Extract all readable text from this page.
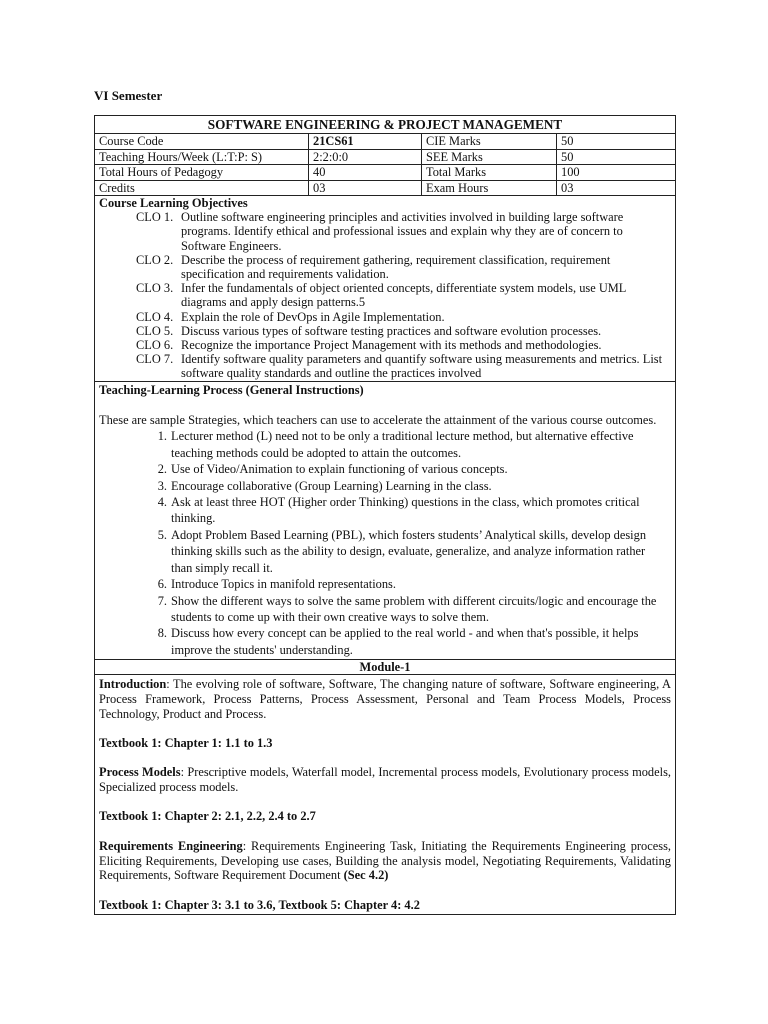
VI Semester
SOFTWARE ENGINEERING & PROJECT MANAGEMENT
Course Code	21CS61	CIE Marks	50
Teaching Hours/Week (L:T:P: S)	2:2:0:0	SEE Marks	50
Total Hours of Pedagogy	40	Total Marks	100
Credits	03	Exam Hours	03
Course Learning Objectives
CLO 1. Outline software engineering principles and activities involved in building large software programs. Identify ethical and professional issues and explain why they are of concern to Software Engineers.
CLO 2. Describe the process of requirement gathering, requirement classification, requirement specification and requirements validation.
CLO 3. Infer the fundamentals of object oriented concepts, differentiate system models, use UML diagrams and apply design patterns.5
CLO 4. Explain the role of DevOps in Agile Implementation.
CLO 5. Discuss various types of software testing practices and software evolution processes.
CLO 6. Recognize the importance Project Management with its methods and methodologies.
CLO 7. Identify software quality parameters and quantify software using measurements and metrics. List software quality standards and outline the practices involved
Teaching-Learning Process (General Instructions)
These are sample Strategies, which teachers can use to accelerate the attainment of the various course outcomes.
1. Lecturer method (L) need not to be only a traditional lecture method, but alternative effective teaching methods could be adopted to attain the outcomes.
2. Use of Video/Animation to explain functioning of various concepts.
3. Encourage collaborative (Group Learning) Learning in the class.
4. Ask at least three HOT (Higher order Thinking) questions in the class, which promotes critical thinking.
5. Adopt Problem Based Learning (PBL), which fosters students’ Analytical skills, develop design thinking skills such as the ability to design, evaluate, generalize, and analyze information rather than simply recall it.
6. Introduce Topics in manifold representations.
7. Show the different ways to solve the same problem with different circuits/logic and encourage the students to come up with their own creative ways to solve them.
8. Discuss how every concept can be applied to the real world - and when that's possible, it helps improve the students' understanding.
Module-1

Introduction: The evolving role of software, Software, The changing nature of software, Software engineering, A Process Framework, Process Patterns, Process Assessment, Personal and Team Process Models, Process Technology, Product and Process.

Textbook 1: Chapter 1: 1.1 to 1.3

Process Models: Prescriptive models, Waterfall model, Incremental process models, Evolutionary process models, Specialized process models.

Textbook 1: Chapter 2: 2.1, 2.2, 2.4 to 2.7

Requirements Engineering: Requirements Engineering Task, Initiating the Requirements Engineering process, Eliciting Requirements, Developing use cases, Building the analysis model, Negotiating Requirements, Validating Requirements, Software Requirement Document (Sec 4.2)

Textbook 1: Chapter 3: 3.1 to 3.6, Textbook 5: Chapter 4: 4.2
